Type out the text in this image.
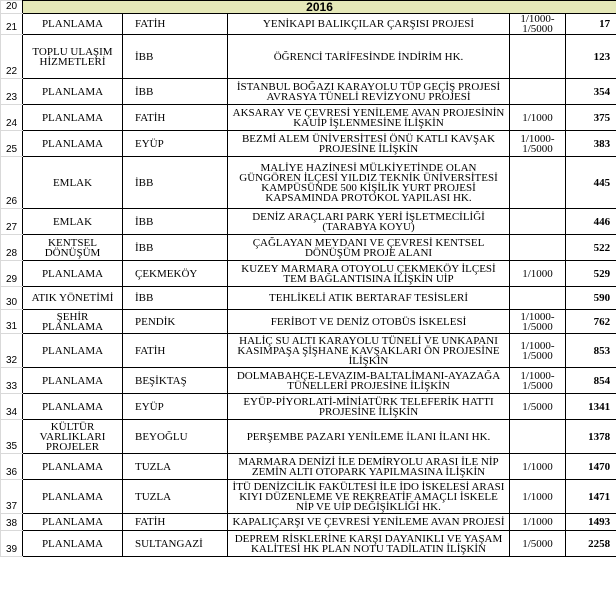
20	2016				
21	PLANLAMA	FATİH	YENİKAPI BALIKÇILAR ÇARŞISI PROJESİ	1/1000-1/5000	17
22	TOPLU ULAŞIM HİZMETLERİ	İBB	ÖĞRENCİ TARİFESİNDE İNDİRİM HK.		123
23	PLANLAMA	İBB	İSTANBUL BOĞAZI KARAYOLU TÜP GEÇİŞ PROJESİ AVRASYA TÜNELİ REVİZYONU PROJESİ		354
24	PLANLAMA	FATİH	AKSARAY VE ÇEVRESİ YENİLEME AVAN PROJESİNİN KAUİP İŞLENMESİNE İLİŞKİN	1/1000	375
25	PLANLAMA	EYÜP	BEZMİ ALEM ÜNİVERSİTESİ ÖNÜ KATLI KAVŞAK PROJESİNE İLİŞKİN	1/1000-1/5000	383
26	EMLAK	İBB	MALİYE HAZİNESİ MÜLKİYETİNDE OLAN GÜNGÖREN İLÇESİ YILDIZ TEKNİK ÜNİVERSİTESİ KAMPÜSÜNDE 500 KİŞİLİK YURT PROJESİ KAPSAMINDA PROTOKOL YAPILASI HK.		445
27	EMLAK	İBB	DENİZ ARAÇLARI PARK YERİ İŞLETMECİLİĞİ (TARABYA KOYU)		446
28	KENTSEL DÖNÜŞÜM	İBB	ÇAĞLAYAN MEYDANI VE ÇEVRESİ KENTSEL DÖNÜŞÜM PROJE ALANI		522
29	PLANLAMA	ÇEKMEKÖY	KUZEY MARMARA OTOYOLU ÇEKMEKÖY İLÇESİ TEM BAĞLANTISINA İLİŞKİN UİP	1/1000	529
30	ATIK YÖNETİMİ	İBB	TEHLİKELİ ATIK BERTARAF TESİSLERİ		590
31	ŞEHİR PLANLAMA	PENDİK	FERİBOT VE DENİZ OTOBÜS İSKELESİ	1/1000-1/5000	762
32	PLANLAMA	FATİH	HALİÇ SU ALTI KARAYOLU TÜNELİ VE UNKAPANI KASIMPAŞA ŞİŞHANE KAVŞAKLARI ÖN PROJESİNE İLİŞKİN	1/1000-1/5000	853
33	PLANLAMA	BEŞİKTAŞ	DOLMABAHÇE-LEVAZIM-BALTALİMANI-AYAZAĞA TÜNELLERİ PROJESİNE İLİŞKİN	1/1000-1/5000	854
34	PLANLAMA	EYÜP	EYÜP-PİYORLATİ-MİNİATÜRK TELEFERİK HATTI PROJESİNE İLİŞKİN	1/5000	1341
35	KÜLTÜR VARLIKLARI PROJELER	BEYOĞLU	PERŞEMBE PAZARI YENİLEME İLANI İLANI HK.		1378
36	PLANLAMA	TUZLA	MARMARA DENİZİ İLE DEMİRYOLU ARASI İLE NİP ZEMİN ALTI OTOPARK YAPILMASINA İLİŞKİN	1/1000	1470
37	PLANLAMA	TUZLA	İTÜ DENİZCİLİK FAKÜLTESİ İLE İDO İSKELESİ ARASI KIYI DÜZENLEME VE REKREATİF AMAÇLI İSKELE NİP VE UİP DEĞİŞİKLİĞİ HK.	1/1000	1471
38	PLANLAMA	FATİH	KAPALIÇARŞI VE ÇEVRESİ YENİLEME AVAN PROJESİ	1/1000	1493
39	PLANLAMA	SULTANGAZİ	DEPREM RİSKLERİNE KARŞI DAYANIKLI VE YAŞAM KALİTESİ HK PLAN NOTU TADİLATIN İLİŞKİN	1/5000	2258
